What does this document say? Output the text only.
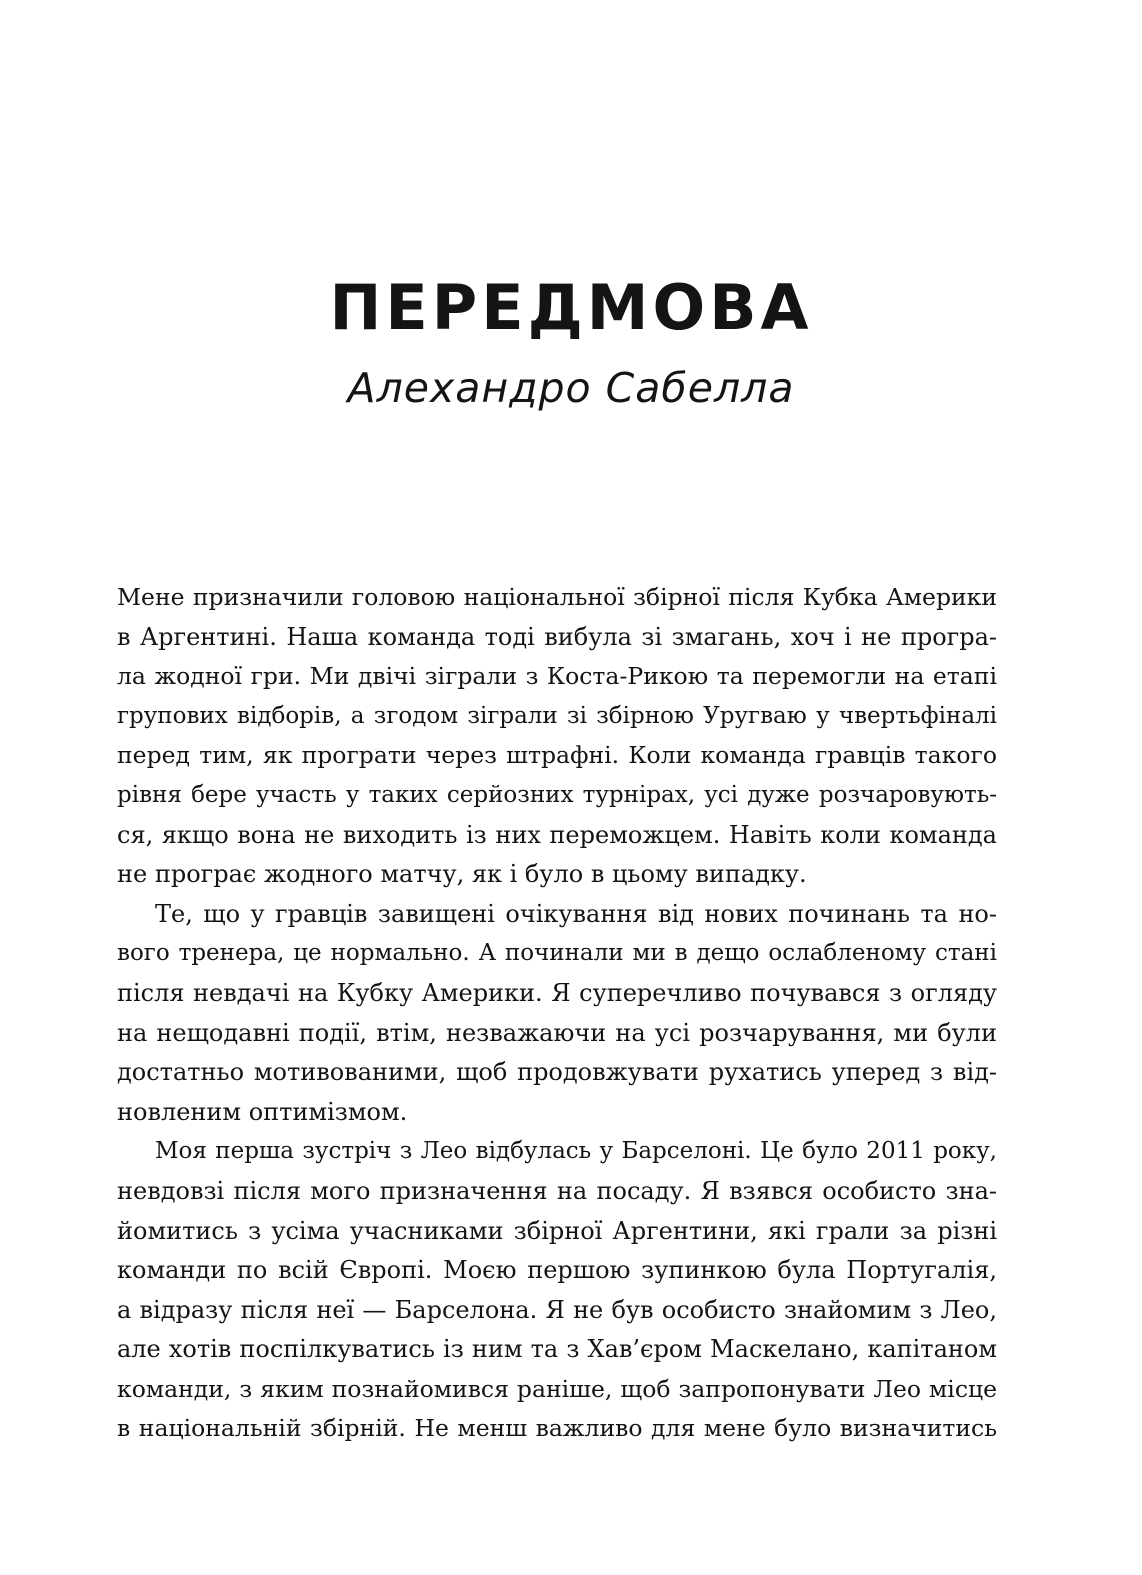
ПЕРЕДМОВА
Алехандро Сабелла

Мене призначили головою національної збірної після Кубка Америки

в Аргентині. Наша команда тоді вибула зі змагань, хоч і не програ-

ла жодної гри. Ми двічі зіграли з Коста-Рикою та перемогли на етапі

групових відборів, а згодом зіграли зі збірною Уругваю у чвертьфіналі

перед тим, як програти через штрафні. Коли команда гравців такого

рівня бере участь у таких серйозних турнірах, усі дуже розчаровують-

ся, якщо вона не виходить із них переможцем. Навіть коли команда

не програє жодного матчу, як і було в цьому випадку.

Те, що у гравців завищені очікування від нових починань та но-

вого тренера, це нормально. А починали ми в дещо ослабленому стані

після невдачі на Кубку Америки. Я суперечливо почувався з огляду

на нещодавні події, втім, незважаючи на усі розчарування, ми були

достатньо мотивованими, щоб продовжувати рухатись уперед з від-

новленим оптимізмом.

Моя перша зустріч з Лео відбулась у Барселоні. Це було 2011 року,

невдовзі після мого призначення на посаду. Я взявся особисто зна-

йомитись з усіма учасниками збірної Аргентини, які грали за різні

команди по всій Європі. Моєю першою зупинкою була Португалія,

а відразу після неї — Барселона. Я не був особисто знайомим з Лео,

але хотів поспілкуватись із ним та з Хав’єром Маскелано, капітаном

команди, з яким познайомився раніше, щоб запропонувати Лео місце

в національній збірній. Не менш важливо для мене було визначитись
